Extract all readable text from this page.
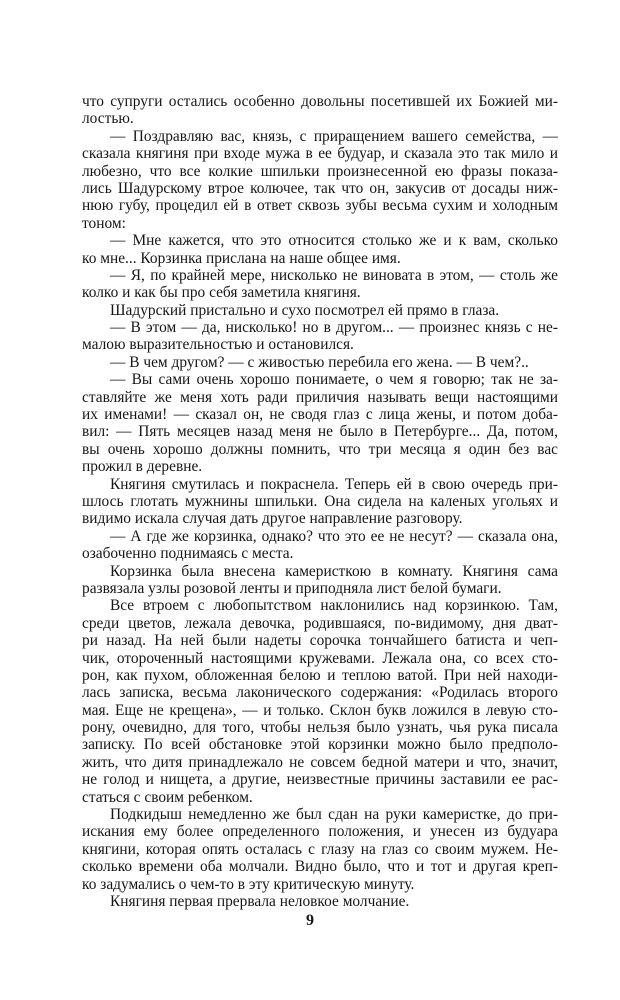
что супруги остались особенно довольны посетившей их Божией ми-
лостью.
— Поздравляю вас, князь, с приращением вашего семейства, —
сказала княгиня при входе мужа в ее будуар, и сказала это так мило и
любезно, что все колкие шпильки произнесенной ею фразы показа-
лись Шадурскому втрое колючее, так что он, закусив от досады ниж-
нюю губу, процедил ей в ответ сквозь зубы весьма сухим и холодным
тоном:
— Мне кажется, что это относится столько же и к вам, сколько
ко мне... Корзинка прислана на наше общее имя.
— Я, по крайней мере, нисколько не виновата в этом, — столь же
колко и как бы про себя заметила княгиня.
Шадурский пристально и сухо посмотрел ей прямо в глаза.
— В этом — да, нисколько! но в другом... — произнес князь с не-
малою выразительностью и остановился.
— В чем другом? — с живостью перебила его жена. — В чем?..
— Вы сами очень хорошо понимаете, о чем я говорю; так не за-
ставляйте же меня хоть ради приличия называть вещи настоящими
их именами! — сказал он, не сводя глаз с лица жены, и потом доба-
вил: — Пять месяцев назад меня не было в Петербурге... Да, потом,
вы очень хорошо должны помнить, что три месяца я один без вас
прожил в деревне.
Княгиня смутилась и покраснела. Теперь ей в свою очередь при-
шлось глотать мужнины шпильки. Она сидела на каленых угольях и
видимо искала случая дать другое направление разговору.
— А где же корзинка, однако? что это ее не несут? — сказала она,
озабоченно поднимаясь с места.
Корзинка была внесена камеристкою в комнату. Княгиня сама
развязала узлы розовой ленты и приподняла лист белой бумаги.
Все втроем с любопытством наклонились над корзинкою. Там,
среди цветов, лежала девочка, родившаяся, по-видимому, дня дват-
ри назад. На ней были надеты сорочка тончайшего батиста и чеп-
чик, отороченный настоящими кружевами. Лежала она, со всех сто-
рон, как пухом, обложенная белою и теплою ватой. При ней находи-
лась записка, весьма лаконического содержания: «Родилась второго
мая. Еще не крещена», — и только. Склон букв ложился в левую сто-
рону, очевидно, для того, чтобы нельзя было узнать, чья рука писала
записку. По всей обстановке этой корзинки можно было предполо-
жить, что дитя принадлежало не совсем бедной матери и что, значит,
не голод и нищета, а другие, неизвестные причины заставили ее рас-
статься с своим ребенком.
Подкидыш немедленно же был сдан на руки камеристке, до при-
искания ему более определенного положения, и унесен из будуара
княгини, которая опять осталась с глазу на глаз со своим мужем. Не-
сколько времени оба молчали. Видно было, что и тот и другая креп-
ко задумались о чем-то в эту критическую минуту.
Княгиня первая прервала неловкое молчание.
9
